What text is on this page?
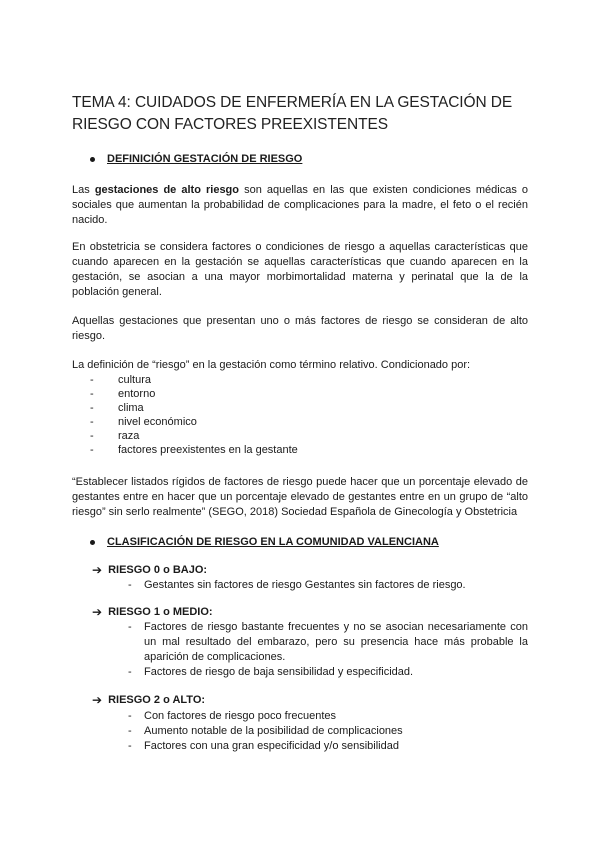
TEMA 4: CUIDADOS DE ENFERMERÍA EN LA GESTACIÓN DE RIESGO CON FACTORES PREEXISTENTES
DEFINICIÓN GESTACIÓN DE RIESGO
Las gestaciones de alto riesgo son aquellas en las que existen condiciones médicas o sociales que aumentan la probabilidad de complicaciones para la madre, el feto o el recién nacido.
En obstetricia se considera factores o condiciones de riesgo a aquellas características que cuando aparecen en la gestación se aquellas características que cuando aparecen en la gestación, se asocian a una mayor morbimortalidad materna y perinatal que la de la población general.
Aquellas gestaciones que presentan uno o más factores de riesgo se consideran de alto riesgo.
La definición de “riesgo” en la gestación como término relativo. Condicionado por:
- cultura
- entorno
- clima
- nivel económico
- raza
- factores preexistentes en la gestante
“Establecer listados rígidos de factores de riesgo puede hacer que un porcentaje elevado de gestantes entre en hacer que un porcentaje elevado de gestantes entre en un grupo de “alto riesgo” sin serlo realmente” (SEGO, 2018) Sociedad Española de Ginecología y Obstetricia
CLASIFICACIÓN DE RIESGO EN LA COMUNIDAD VALENCIANA
➔ RIESGO 0 o BAJO:
- Gestantes sin factores de riesgo Gestantes sin factores de riesgo.
➔ RIESGO 1 o MEDIO:
- Factores de riesgo bastante frecuentes y no se asocian necesariamente con un mal resultado del embarazo, pero su presencia hace más probable la aparición de complicaciones.
- Factores de riesgo de baja sensibilidad y especificidad.
➔ RIESGO 2 o ALTO:
- Con factores de riesgo poco frecuentes
- Aumento notable de la posibilidad de complicaciones
- Factores con una gran especificidad y/o sensibilidad
